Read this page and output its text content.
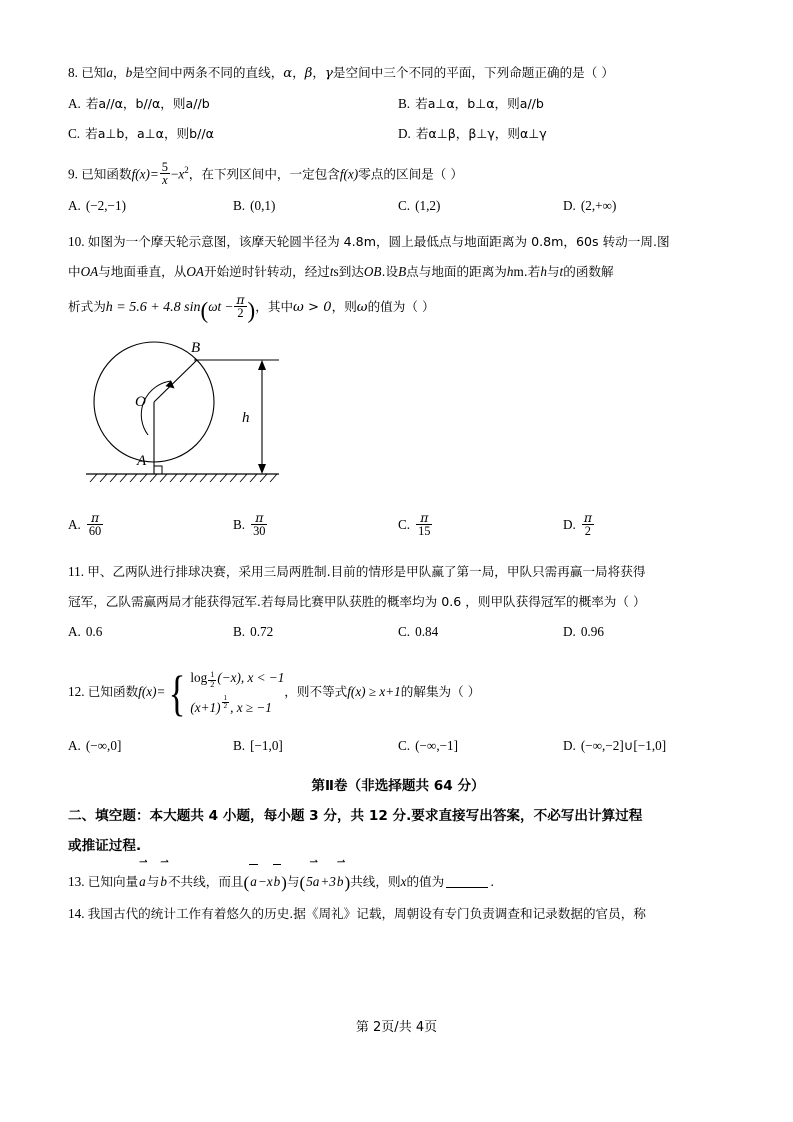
8. 已知a，b是空间中两条不同的直线，α，β，γ是空间中三个不同的平面，下列命题正确的是（ ）
A. 若a//α，b//α，则a//b	B. 若a⊥α，b⊥α，则a//b
C. 若a⊥b，a⊥α，则b//α	D. 若α⊥β，β⊥γ，则α⊥γ
9. 已知函数$f(x)= \frac{5}{x} -x^2$，在下列区间中，一定包含f(x)零点的区间是（ ）
A. (−2,−1)	B. (0,1)	C. (1,2)	D. (2,+∞)
10. 如图为一个摩天轮示意图，该摩天轮圆半径为 4.8m，圆上最低点与地面距离为 0.8m，60s 转动一周.图
中OA与地面垂直，从OA开始逆时针转动，经过ts到达OB.设B点与地面的距离为hm.若h与t的函数解
析式为h = 5.6 + 4.8 $\sin(\omega t - \frac{\pi}{2}$ )，其中ω > 0，则ω的值为（ ）
O
A
B
h
A. $\frac{\pi}{60}$	B. $\frac{\pi}{30}$	C. $\frac{\pi}{15}$	D. $\frac{\pi}{2}$
11. 甲、乙两队进行排球决赛，采用三局两胜制.目前的情形是甲队赢了第一局，甲队只需再赢一局将获得
冠军，乙队需赢两局才能获得冠军.若每局比赛甲队获胜的概率均为 0.6 ，则甲队获得冠军的概率为（ ）
A. 0.6	B. 0.72	C. 0.84	D. 0.96
12. 已知函数f(x)= { $\log \frac{1}{2} (-x)$, x < −1
$(x+1) \frac{1}{2}$ , x ≥ −1
，则不等式f(x) ≥ x+1的解集为（ ）
A. (−∞,0]	B. [−1,0]	C. (−∞,−1]	D. (−∞,−2]∪[−1,0]
第Ⅱ卷（非选择题共 64 分）
二、填空题：本大题共 4 小题，每小题 3 分，共 12 分.要求直接写出答案，不必写出计算过程
或推证过程.
13. 已知向量a ⇀与b ⇀不共线，而且(a−xb)与(5a ⇀+3b ⇀)共线，则x的值为	.
14. 我国古代的统计工作有着悠久的历史.据《周礼》记载，周朝设有专门负责调查和记录数据的官员，称
第 2页/共 4页
